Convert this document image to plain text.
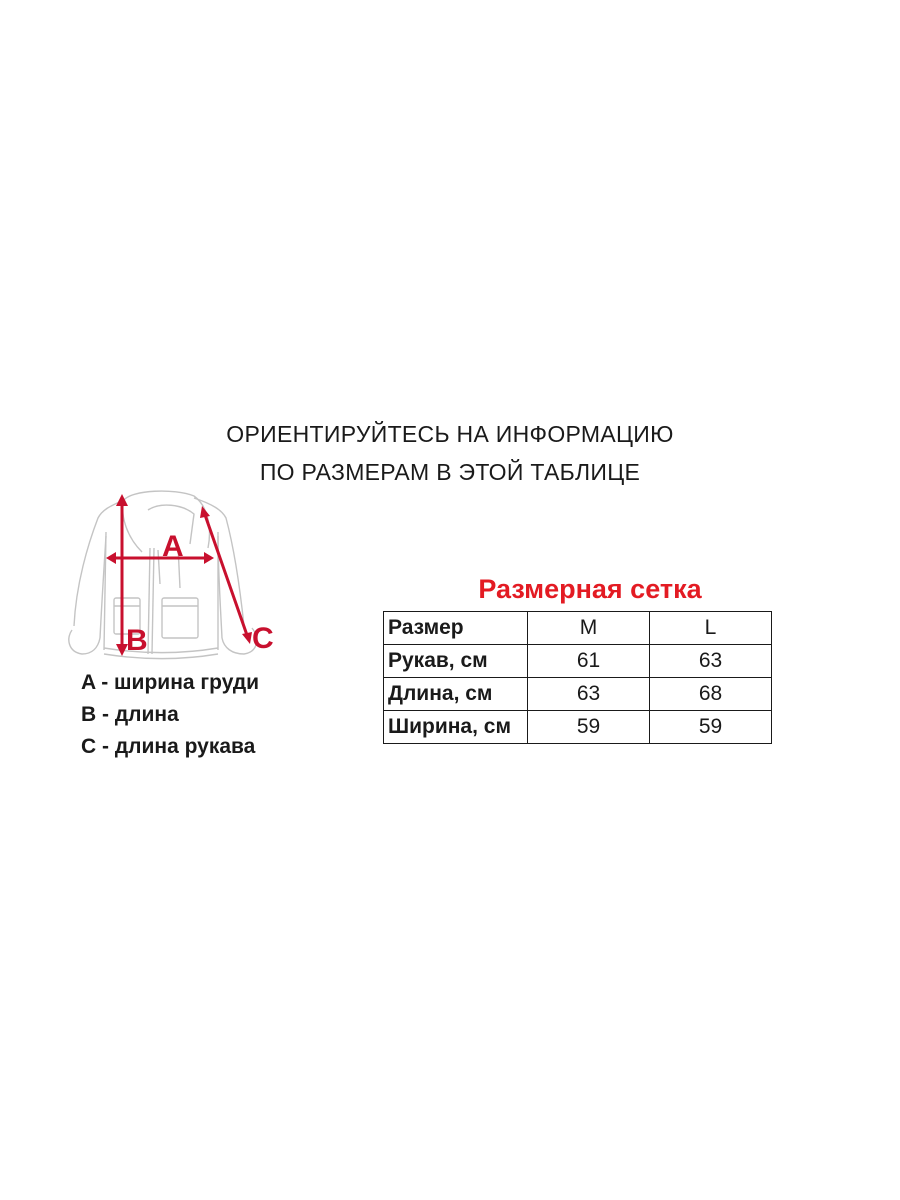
ОРИЕНТИРУЙТЕСЬ НА ИНФОРМАЦИЮ
ПО РАЗМЕРАМ В ЭТОЙ ТАБЛИЦЕ
A
B	C
A - ширина груди
B - длина
C - длина рукава
Размерная сетка
Размер	M	L
Рукав, см	61	63
Длина, см	63	68
Ширина, см	59	59
